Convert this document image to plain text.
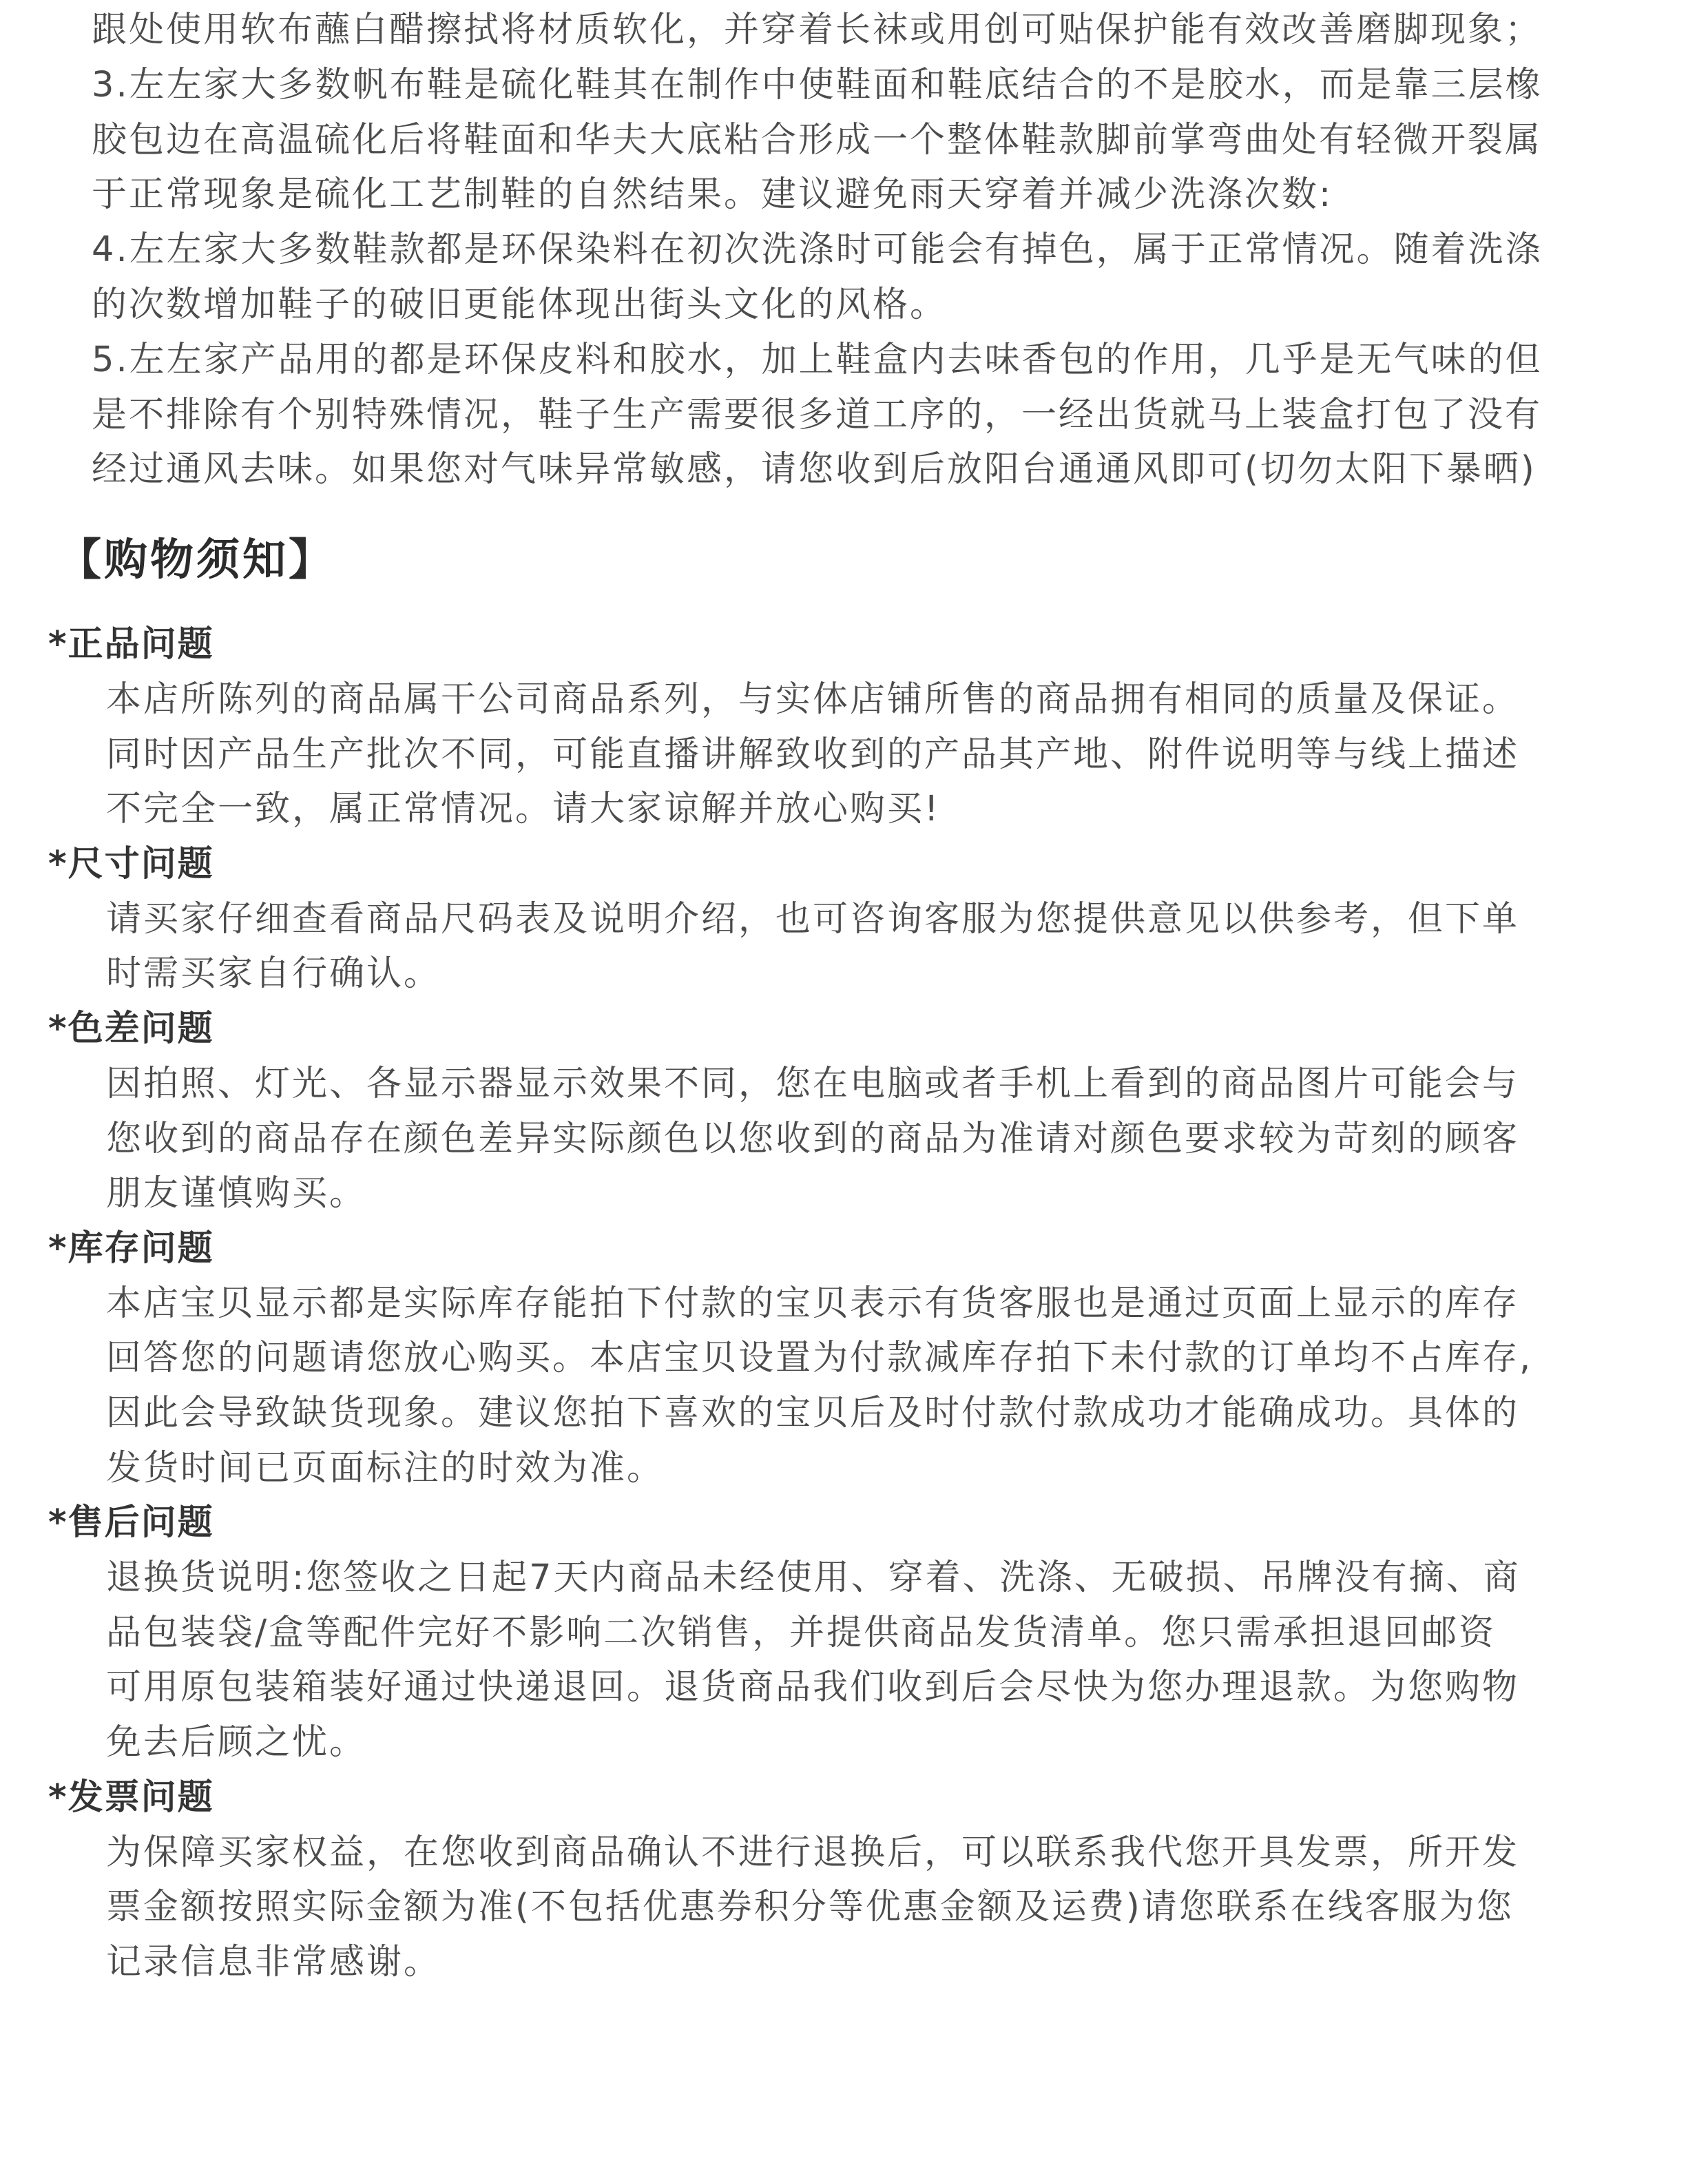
跟处使用软布蘸白醋擦拭将材质软化，并穿着长袜或用创可贴保护能有效改善磨脚现象；
3.左左家大多数帆布鞋是硫化鞋其在制作中使鞋面和鞋底结合的不是胶水，而是靠三层橡
胶包边在高温硫化后将鞋面和华夫大底粘合形成一个整体鞋款脚前掌弯曲处有轻微开裂属
于正常现象是硫化工艺制鞋的自然结果。建议避免雨天穿着并减少洗涤次数:
4.左左家大多数鞋款都是环保染料在初次洗涤时可能会有掉色，属于正常情况。随着洗涤
的次数增加鞋子的破旧更能体现出街头文化的风格。
5.左左家产品用的都是环保皮料和胶水，加上鞋盒内去味香包的作用，几乎是无气味的但
是不排除有个别特殊情况，鞋子生产需要很多道工序的，一经出货就马上装盒打包了没有
经过通风去味。如果您对气味异常敏感，请您收到后放阳台通通风即可(切勿太阳下暴晒)
【购物须知】
*正品问题
本店所陈列的商品属干公司商品系列，与实体店铺所售的商品拥有相同的质量及保证。
同时因产品生产批次不同，可能直播讲解致收到的产品其产地、附件说明等与线上描述
不完全一致，属正常情况。请大家谅解并放心购买!
*尺寸问题
请买家仔细查看商品尺码表及说明介绍，也可咨询客服为您提供意见以供参考，但下单
时需买家自行确认。
*色差问题
因拍照、灯光、各显示器显示效果不同，您在电脑或者手机上看到的商品图片可能会与
您收到的商品存在颜色差异实际颜色以您收到的商品为准请对颜色要求较为苛刻的顾客
朋友谨慎购买。
*库存问题
本店宝贝显示都是实际库存能拍下付款的宝贝表示有货客服也是通过页面上显示的库存
回答您的问题请您放心购买。本店宝贝设置为付款减库存拍下未付款的订单均不占库存,
因此会导致缺货现象。建议您拍下喜欢的宝贝后及时付款付款成功才能确成功。具体的
发货时间已页面标注的时效为准。
*售后问题
退换货说明:您签收之日起7天内商品未经使用、穿着、洗涤、无破损、吊牌没有摘、商
品包装袋/盒等配件完好不影响二次销售，并提供商品发货清单。您只需承担退回邮资
可用原包装箱装好通过快递退回。退货商品我们收到后会尽快为您办理退款。为您购物
免去后顾之忧。
*发票问题
为保障买家权益，在您收到商品确认不进行退换后，可以联系我代您开具发票，所开发
票金额按照实际金额为准(不包括优惠券积分等优惠金额及运费)请您联系在线客服为您
记录信息非常感谢。
